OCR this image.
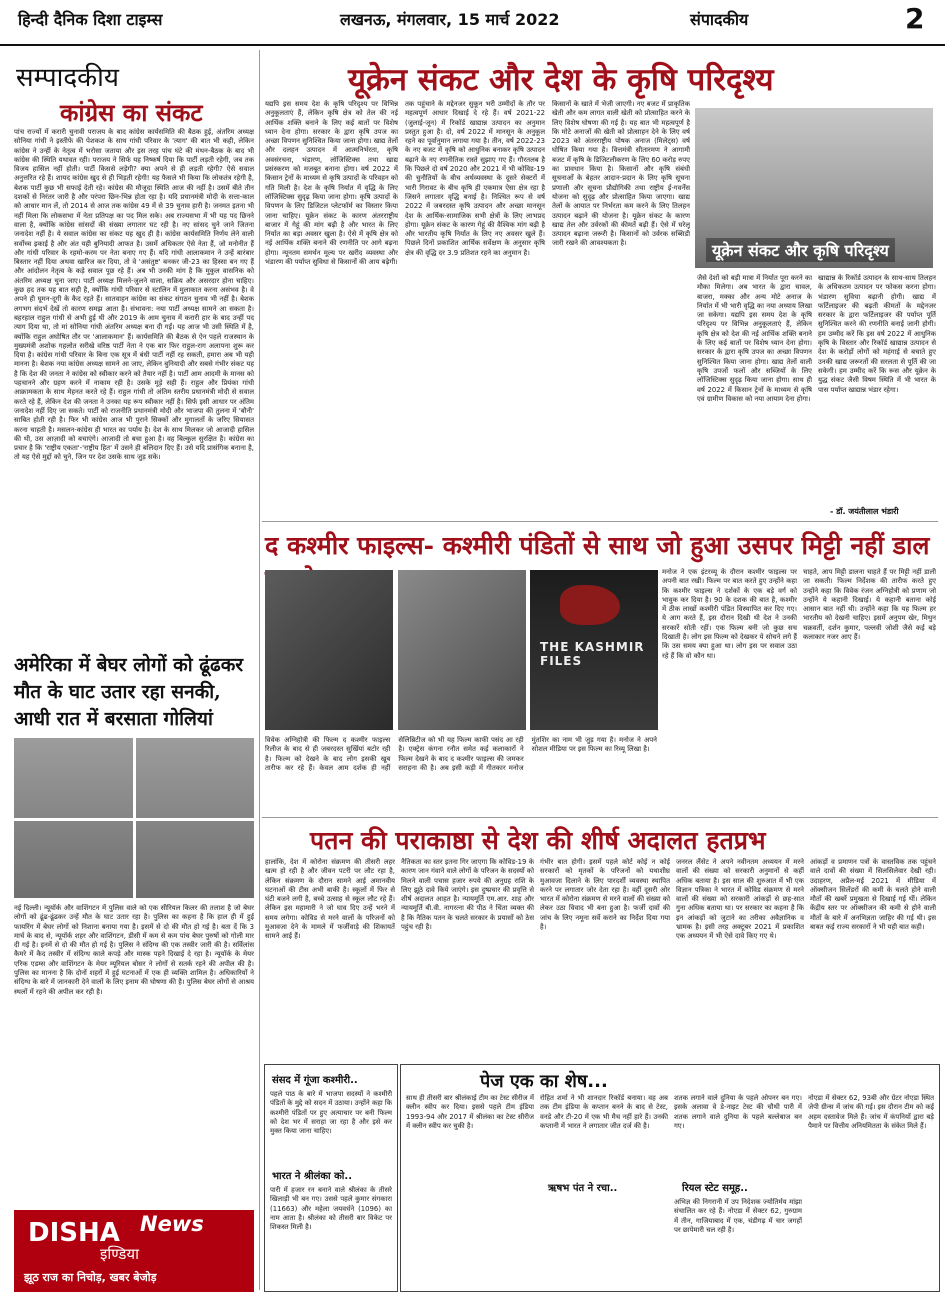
हिन्दी दैनिक दिशा टाइम्स	लखनऊ, मंगलवार, 15 मार्च 2022	संपादकीय	2
सम्पादकीय
कांग्रेस का संकट
पांच राज्यों में करारी चुनावी पराजय के बाद कांग्रेस कार्यसमिति की बैठक हुई, अंतरिम अध्यक्ष सोनिया गांधी ने इस्तीफे की पेशकश के साथ गांधी परिवार के 'त्याग' की बात भी कही, लेकिन कांग्रेस ने उन्हीं के नेतृत्व में भरोसा जताया और इस तरह पांच घंटे की मंथन-बैठक के बाद भी कांग्रेस की स्थिति यथावत रही। पराजय ने सिर्फ यह निष्कर्ष दिया कि पार्टी लड़ती रहेगी, जब तक विजय हासिल नहीं होती। पार्टी किससे लड़ेगी? क्या अपने से ही लड़ती रहेगी? ऐसे सवाल अनुत्तरित रहे हैं। शायद कांग्रेस खुद से ही भिड़ती रहेगी! यह फैसले भी किया कि लोकतंत्र रहेगी है, बेशक पार्टी कुछ भी सफाई देती रहे। कांग्रेस की मौजूदा स्थिति आज की नहीं है। उसमें बीते तीन दशकों से निरंतर जारी है और परंपरा छिन-भिन्न होता रहा है। यदि प्रधानमंत्री मोदी के सत्ता-काल को आधार मान लें, तो 2014 से आज तक कांग्रेस 49 में से 39 चुनाव हारी है। जनमत इतना भी नहीं मिला कि लोकसभा में नेता प्रतिपक्ष का पद मिल सके। अब राज्यसभा में भी यह पद छिनने वाला है, क्योंकि कांग्रेस सांसदों की संख्या लगातार घट रही है। नए सांसद चुने जाने जितना जनादेश नहीं है। ये सवाल कांग्रेस का संकट यह खुद ही है। कांग्रेस कार्यसमिति निर्णय लेने वाली सर्वोच्च इकाई है और अंत यही बुनियादी आफत है। उसमें अधिकतर ऐसे नेता हैं, जो मनोनीत हैं और गांधी परिवार के रहमो-करम पर नेता बनाए गए हैं। यदि गांधी आलाकमान ने उन्हें बारंबार बिस्तार नहीं दिया अथवा खारिज कर दिया, तो वे 'असंतुष्ट' बनकर जी-23 का हिस्सा बन गए हैं और आंदोलन नेतृत्व के कड़े सवाल पूछ रहे हैं। अब भी उनकी मांग है कि मुकुल वासनिक को अंतरिम अध्यक्ष चुना जाए। पार्टी अध्यक्ष मिलने-जुलने वाला, सक्रिय और असरदार होना चाहिए। कुछ हद तक यह बात सही है, क्योंकि गांधी परिवार से स्टालिन में मुलाकात करना असंभव है। वे अपने ही घूमन-दूगी के कैद रहते हैं। सातवाहन कांग्रेस का संकट संगठन चुनाव भी नहीं है। बेशक लगभग संदर्भ देखें तो कारण समझ आता है। संभावना: नया पार्टी अध्यक्ष सामने आ सकता है। बहरहाल राहुल गांधी से अभी हुई थी और 2019 के आम चुनाव में करारी हार के बाद उन्हीं पद त्याग दिया था, तो मां सोनिया गांधी अंतरिम अध्यक्ष बना दी गईं। यह आज भी उसी स्थिति में है, क्योंकि राहुल अघोषित तौर पर 'आलाकमान' हैं। कार्यसमिति की बैठक से ऐन पहले राजस्थान के मुख्यमंत्री अशोक गहलोत सरीखे वरिष्ठ पार्टी नेता ने एक बार फिर राहुल-राग अलापना शुरू कर दिया है। कांग्रेस गांधी परिवार के बिना एक सूत्र में बंधी पार्टी नहीं रह सकती, हमारा अब भी यही मानना है। बेशक नया कांग्रेस अध्यक्ष सामने आ जाए, लेकिन बुनियादी और सबसे गंभीर संकट यह है कि देश की जनता ने कांग्रेस को स्वीकार करने को तैयार नहीं है। पार्टी आम आदमी के मानस को पहचानने और ग्रहण करने में नाकाम रही है। उसके मूड़े सही हैं। राहुल और प्रियंका गांधी आक्रामकता के साथ मेहनत करते रहे हैं। राहुल गांधी तो अंतिम स्तरीय प्रधानमंत्री मोदी से सवाल करते रहे हैं, लेकिन देश की जनता ने उनका यह रूप स्वीकार नहीं है। सिर्फ इसी आधार पर अंतिम जनादेश नहीं दिए जा सकते। पार्टी को राजनीति प्रधानमंत्री मोदी और भाजपा की तुलना में 'बौनी' साबित होती रही है। फिर भी कांग्रेस आज भी पुराने सिक्कों और मुगालतों के जरिए सियासत करना चाहती है। मसलन-कांग्रेस ही भारत का पर्याय है। देश के साथ मिलकर जो आजादी हासिल की थी, उस आज़ादी को बचाएंगे। आजादी तो बचा हुआ है। वह बिल्कुल सुरक्षित है। कांग्रेस का प्रचार है कि 'राष्ट्रीय एकता'-'राष्ट्रीय हित' में उसने ही बलिदान दिए हैं। उसे यदि प्रासंगिक बनाना है, तो यह ऐसे मुद्दों को चुने, जिन पर देश उसके साथ जुड़ सके।
यूक्रेन संकट और देश के कृषि परिदृश्य
यद्यपि इस समय देश के कृषि परिदृश्य पर विभिन्न अनुकूलताएं हैं, लेकिन कृषि क्षेत्र को तेल की नई आर्थिक शक्ति बनाने के लिए कई बातों पर विशेष ध्यान देना होगा। सरकार के द्वारा कृषि उपज का अच्छा विपणन सुनिश्चित किया जाना होगा। खाद्य तेलों और दलहन उत्पादन में आत्मनिर्भरता, कृषि अवसंरचना, भंडारण, लॉजिस्टिक्स तथा खाद्य प्रसंस्करण को मजबूत बनाना होगा। वर्ष 2022 में किसान ट्रेनों के माध्यम से कृषि उत्पादों के परिवहन को गति मिली है। देश के कृषि निर्यात में वृद्धि के लिए लॉजिस्टिक्स सुदृढ़ किया जाना होगा। कृषि उत्पादों के विपणन के लिए डिजिटल प्लेटफॉर्म का विस्तार किया जाना चाहिए। यूक्रेन संकट के कारण अंतरराष्ट्रीय बाजार में गेहूं की मांग बढ़ी है और भारत के लिए निर्यात का बड़ा अवसर खुला है। ऐसे में कृषि क्षेत्र को नई आर्थिक शक्ति बनाने की रणनीति पर आगे बढ़ना होगा। न्यूनतम समर्थन मूल्य पर खरीद व्यवस्था और भंडारण की पर्याप्त सुविधा से किसानों की आय बढ़ेगी।
तक पहुंचाने के मद्देनजर सुकून भरी उम्मीदों के तौर पर महत्वपूर्ण आधार दिखाई दे रहे हैं। वर्ष 2021-22 (जुलाई-जून) में रिकॉर्ड खाद्यान्न उत्पादन का अनुमान प्रस्तुत हुआ है। दो, वर्ष 2022 में मानसून के अनुकूल रहने का पूर्वानुमान लगाया गया है। तीन, वर्ष 2022-23 के नए बजट में कृषि को आधुनिक बनाकर कृषि उत्पादन बढ़ाने के नए रणनीतिक रास्ते सुझाए गए हैं। गौरतलब है कि पिछले दो वर्ष 2020 और 2021 में भी कोविड-19 की चुनौतियों के बीच अर्थव्यवस्था के दूसरे सेक्टरों में भारी गिरावट के बीच कृषि ही एकमात्र ऐसा क्षेत्र रहा है जिसने लगातार वृद्धि बनाई है। निश्चित रूप से वर्ष 2022 में जबरदस्त कृषि उत्पादन और अच्छा मानसून देश के आर्थिक-सामाजिक सभी क्षेत्रों के लिए लाभप्रद होगा। यूक्रेन संकट के कारण गेहूं की वैश्विक मांग बढ़ी है और भारतीय कृषि निर्यात के लिए नए अवसर खुले हैं। पिछले दिनों प्रकाशित आर्थिक सर्वेक्षण के अनुसार कृषि क्षेत्र की वृद्धि दर 3.9 प्रतिशत रहने का अनुमान है।
किसानों के खाते में भेजी जाएगी। नए बजट में प्राकृतिक खेती और कम लागत वाली खेती को प्रोत्साहित करने के लिए विशेष घोषणा की गई है। यह बात भी महत्वपूर्ण है कि मोटे अनाजों की खेती को प्रोत्साहन देने के लिए वर्ष 2023 को अंतरराष्ट्रीय पोषक अनाज (मिलेट्स) वर्ष घोषित किया गया है। वित्तमंत्री सीतारमण ने आगामी बजट में कृषि के डिजिटलीकरण के लिए 60 करोड़ रुपए का प्रावधान किया है। किसानों और कृषि संबंधी सूचनाओं के बेहतर आदान-प्रदान के लिए कृषि सूचना प्रणाली और सूचना प्रौद्योगिकी तथा राष्ट्रीय ई-गवर्नेंस योजना को सुदृढ़ और प्रोत्साहित किया जाएगा। खाद्य तेलों के आयात पर निर्भरता कम करने के लिए तिलहन उत्पादन बढ़ाने की योजना है। यूक्रेन संकट के कारण खाद्य तेल और उर्वरकों की कीमतें बढ़ी हैं। ऐसे में घरेलू उत्पादन बढ़ाना जरूरी है। किसानों को उर्वरक सब्सिडी जारी रखने की आवश्यकता है।	यूक्रेन संकट और कृषि परिदृश्य
जैसे देशों को बड़ी मात्रा में निर्यात पूरा करने का मौका मिलेगा। अब भारत के द्वारा चावल, बाजरा, मक्का और अन्य मोटे अनाज के निर्यात में भी भारी वृद्धि का नया अध्याय लिखा जा सकेगा। यद्यपि इस समय देश के कृषि परिदृश्य पर विभिन्न अनुकूलताएं हैं, लेकिन कृषि क्षेत्र को देश की नई आर्थिक शक्ति बनाने के लिए कई बातों पर विशेष ध्यान देना होगा। सरकार के द्वारा कृषि उपज का अच्छा विपणन सुनिश्चित किया जाना होगा। खाद्य तेलों वाली कृषि उपजों फलों और सब्जियों के लिए लॉजिस्टिक्स सुदृढ़ किया जाना होगा। साथ ही वर्ष 2022 में किसान ट्रेनों के माध्यम से कृषि एवं ग्रामीण विकास को नया आयाम देना होगा।
खाद्यान्न के रिकॉर्ड उत्पादन के साथ-साथ तिलहन के अधिकतम उत्पादन पर फोकस करना होगा। भंडारण सुविधा बढ़ानी होगी। खाद्य में फर्टिलाइजर की बढ़ती कीमतों के मद्देनजर सरकार के द्वारा फर्टिलाइजर की पर्याप्त पूर्ति सुनिश्चित करने की रणनीति बनाई जानी होगी। हम उम्मीद करें कि इस वर्ष 2022 में आधुनिक कृषि के विस्तार और रिकॉर्ड खाद्यान्न उत्पादन से देश के करोड़ों लोगों को महंगाई से बचाते हुए उनकी खाद्य जरूरतों की सरलता से पूर्ति की जा सकेगी। हम उम्मीद करें कि रूस और यूक्रेन के युद्ध संकट जैसी विषम स्थिति में भी भारत के पास पर्याप्त खाद्यान्न भंडार रहेगा।
- डॉ. जयंतीलाल भंडारी
द कश्मीर फाइल्स- कश्मीरी पंडितों से साथ जो हुआ उसपर मिट्टी नहीं डाल
THE KASHMIR FILES
विवेक अग्निहोत्री की फिल्म द कश्मीर फाइल्स रिलीज के बाद से ही जबरदस्त सुर्खियां बटोर रही है। फिल्म को देखने के बाद लोग इसकी खूब तारीफ कर रहे हैं। केवल आम दर्शक ही नहीं सेलिब्रिटीज को भी यह फिल्म काफी पसंद आ रही है। एक्ट्रेस कंगना रनौत समेत कई कलाकारों ने फिल्म देखने के बाद द कश्मीर फाइल्स की जमकर सराहना की है। अब इसी कड़ी में गीतकार मनोज मुंतशिर का नाम भी जुड़ गया है। मनोज ने अपने सोशल मीडिया पर इस फिल्म का रिव्यू लिखा है।
मनोज ने एक इंटरव्यू के दौरान कश्मीर फाइल्स पर अपनी बात रखी। फिल्म पर बात करते हुए उन्होंने कहा कि कश्मीर फाइल्स ने दर्शकों के एक बड़े वर्ग को भावुक कर दिया है। 90 के दशक की बात है, कश्मीर में ठीक लाखों कश्मीरी पंडित विस्थापित कर दिए गए। ये आग करते हैं, इस दौरान दिखी थी देश ने उनकी सरकारें सोती रहीं। एक फिल्म बनी जो कुछ सच दिखाती है। लोग इस फिल्म को देखकर ये सोचने लगे हैं कि उस समय क्या हुआ था। लोग इस पर सवाल उठा रहे हैं कि वो कौन था।
चाहते, आप मिट्टी डालना चाहते हैं पर मिट्टी नहीं डाली जा सकती। फिल्म निर्देशक की तारीफ करते हुए उन्होंने कहा कि विवेक रंजन अग्निहोत्री को प्रणाम जो उन्होंने ये कहानी दिखाई। ये कहानी बताना कोई आसान बात नहीं थी। उन्होंने कहा कि यह फिल्म हर भारतीय को देखनी चाहिए। इसमें अनुपम खेर, मिथुन चक्रवर्ती, दर्शन कुमार, पल्लवी जोशी जैसे कई बड़े कलाकार नजर आए हैं।
अमेरिका में बेघर लोगों को ढूंढकर मौत के घाट उतार रहा सनकी, आधी रात में बरसाता गोलियां
नई दिल्ली। न्यूयॉर्क और वाशिंगटन में पुलिस वाले को एक सीरियल किलर की तलाश है जो बेघर लोगों को ढूंढ-ढूंढकर उन्हें मौत के घाट उतार रहा है। पुलिस का कहना है कि हाल ही में हुई फायरिंग में बेघर लोगों को निशाना बनाया गया है। इसमें से दो की मौत हो गई है। बता दें कि 3 मार्च के बाद से, न्यूयॉर्क शहर और वाशिंगटन, डीसी में कम से कम पांच बेघर पुरुषों को गोली मार दी गई है। इनमें से दो की मौत हो गई है। पुलिस ने संदिग्ध की एक तस्वीर जारी की है। सर्विलांस कैमरे में कैद तस्वीर में संदिग्ध काले कपड़े और मास्क पहने दिखाई दे रहा है। न्यूयॉर्क के मेयर एरिक एडम्स और वाशिंगटन के मेयर म्यूरियल बोसर ने लोगों से सतर्क रहने की अपील की है। पुलिस का मानना है कि दोनों शहरों में हुई घटनाओं में एक ही व्यक्ति शामिल है। अधिकारियों ने संदिग्ध के बारे में जानकारी देने वालों के लिए इनाम की घोषणा की है। पुलिस बेघर लोगों से आश्रय स्थलों में रहने की अपील कर रही है।
पतन की पराकाष्ठा से देश की शीर्ष अदालत हतप्रभ
हालांकि, देश में कोरोना संक्रमण की तीसरी लहर खत्म हो रही है और जीवन पटरी पर लौट रहा है, लेकिन संक्रमण के दौरान सामने आई अमानवीय घटनाओं की टीस अभी बाकी है। स्कूलों में फिर से घंटी बजने लगी है, बच्चे उत्साह से स्कूल लौट रहे हैं। लेकिन इस महामारी ने जो घाव दिए उन्हें भरने में समय लगेगा। कोविड से मरने वालों के परिजनों को मुआवजा देने के मामले में फर्जीवाड़े की शिकायतें सामने आई हैं।
नैतिकता का स्तर इतना गिर जाएगा कि कोविड-19 के कारण जान गंवाने वाले लोगों के परिजन के सदस्यों को मिलने वाली पचास हजार रुपये की अनुग्रह राशि के लिए झूठे दावे किये जाएंगे। इस दुष्प्रचार की प्रवृत्ति से शीर्ष अदालत आहत है। न्यायमूर्ति एम.आर. शाह और न्यायमूर्ति बी.वी. नागरत्ना की पीठ ने चिंता व्यक्त की है कि नैतिक पतन के चलते सरकार के प्रयासों को ठेस पहुंच रही है।
गंभीर बात होगी। इसमें पहले कोर्ट कोई न कोई सरकारों को मृतकों के परिजनों को यथाशीघ्र मुआवजा दिलाने के लिए पारदर्शी व्यवस्था स्थापित करने पर लगातार जोर देता रहा है। वहीं दूसरी ओर भारत में कोरोना संक्रमण से मरने वालों की संख्या को लेकर उठा विवाद भी बना हुआ है। फर्जी दावों की जांच के लिए नमूना सर्वे कराने का निर्देश दिया गया है।
जनरल लैंसेट ने अपने नवीनतम अध्ययन में मरने वालों की संख्या को सरकारी अनुमानों से कहीं अधिक बताया है। इस साल की शुरुआत में भी एक विज्ञान पत्रिका ने भारत में कोविड संक्रमण से मरने वालों की संख्या को सरकारी आंकड़ों से छह-सात गुना अधिक बताया था। पर सरकार का कहना है कि इन आंकड़ों को जुटाने का तरीका अवैज्ञानिक व भ्रामक है। इसी तरह अक्टूबर 2021 में प्रकाशित एक अध्ययन में भी ऐसे दावे किए गए थे।
आंकड़ों व प्रमाणन पत्रों के वास्तविक तक पहुंचने वाले दावों की संख्या में सिलसिलेवार देखी रही। उदाहरण, अप्रैल-मई 2021 में मीडिया में ऑक्सीजन सिलेंडरों की कमी के चलते होने वाली मौतों की खबरें प्रमुखता से दिखाई गई थीं। लेकिन केंद्रीय स्तर पर ऑक्सीजन की कमी से होने वाली मौतों के बारे में अनभिज्ञता जाहिर की गई थी। इस बाबत कई राज्य सरकारों ने भी यही बात कही।
संसद में गूंजा कश्मीरी..
पहले पाठ के बारे में भाजपा सदस्यों ने कश्मीरी पंडितों के मुद्दे को सदन में उठाया। उन्होंने कहा कि कश्मीरी पंडितों पर हुए अत्याचार पर बनी फिल्म को देश भर में सराहा जा रहा है और इसे कर मुक्त किया जाना चाहिए।
भारत ने श्रीलंका को..
पारी में हजार रन बनाने वाले श्रीलंका के तीसरे खिलाड़ी भी बन गए। उससे पहले कुमार संगकारा (11663) और महेला जयवर्धने (1096) का नाम आता है। श्रीलंका को तीसरी बार विकेट पर शिकस्त मिली है।
पेज एक का शेष...
साथ ही तीसरी बार श्रीलंकाई टीम का टेस्ट सीरीज में क्लीन स्वीप कर दिया। इससे पहले टीम इंडिया 1993-94 और 2017 में श्रीलंका का टेस्ट सीरीज में क्लीन स्वीप कर चुकी है।
रोहित शर्मा ने भी शानदार रिकॉर्ड बनाया। वह अब तक टीम इंडिया के कप्तान बनने के बाद से टेस्ट, वनडे और टी-20 में एक भी मैच नहीं हारे हैं। उनकी कप्तानी में भारत ने लगातार जीत दर्ज की है।
ऋषभ पंत ने रचा..
शतक लगाने वाले दुनिया के पहले ओपनर बन गए। इसके अलावा वे डे-नाइट टेस्ट की चौथी पारी में शतक लगाने वाले दुनिया के पहले बल्लेबाज बन गए।
रियल स्टेट समूह..
अभिज्ञ की निगरानी में उप निदेशक ज्योतिर्मय मांझा संचालित कर रहे हैं। नोएडा में सेक्टर 62, गुरुग्राम में तीन, गाजियाबाद में एक, चंडीगढ़ में चार जगहों पर छापेमारी चल रही है।
नोएडा में सेक्टर 62, 93बी और ग्रेटर नोएडा स्थित जेपी ग्रीन्स में जांच की गई। इस दौरान टीम को कई अहम दस्तावेज मिले हैं। जांच में कंपनियों द्वारा बड़े पैमाने पर वित्तीय अनियमितता के संकेत मिले हैं।
DISHA News
इण्डिया
झूठ राज का निचोड़, खबर बेजोड़
